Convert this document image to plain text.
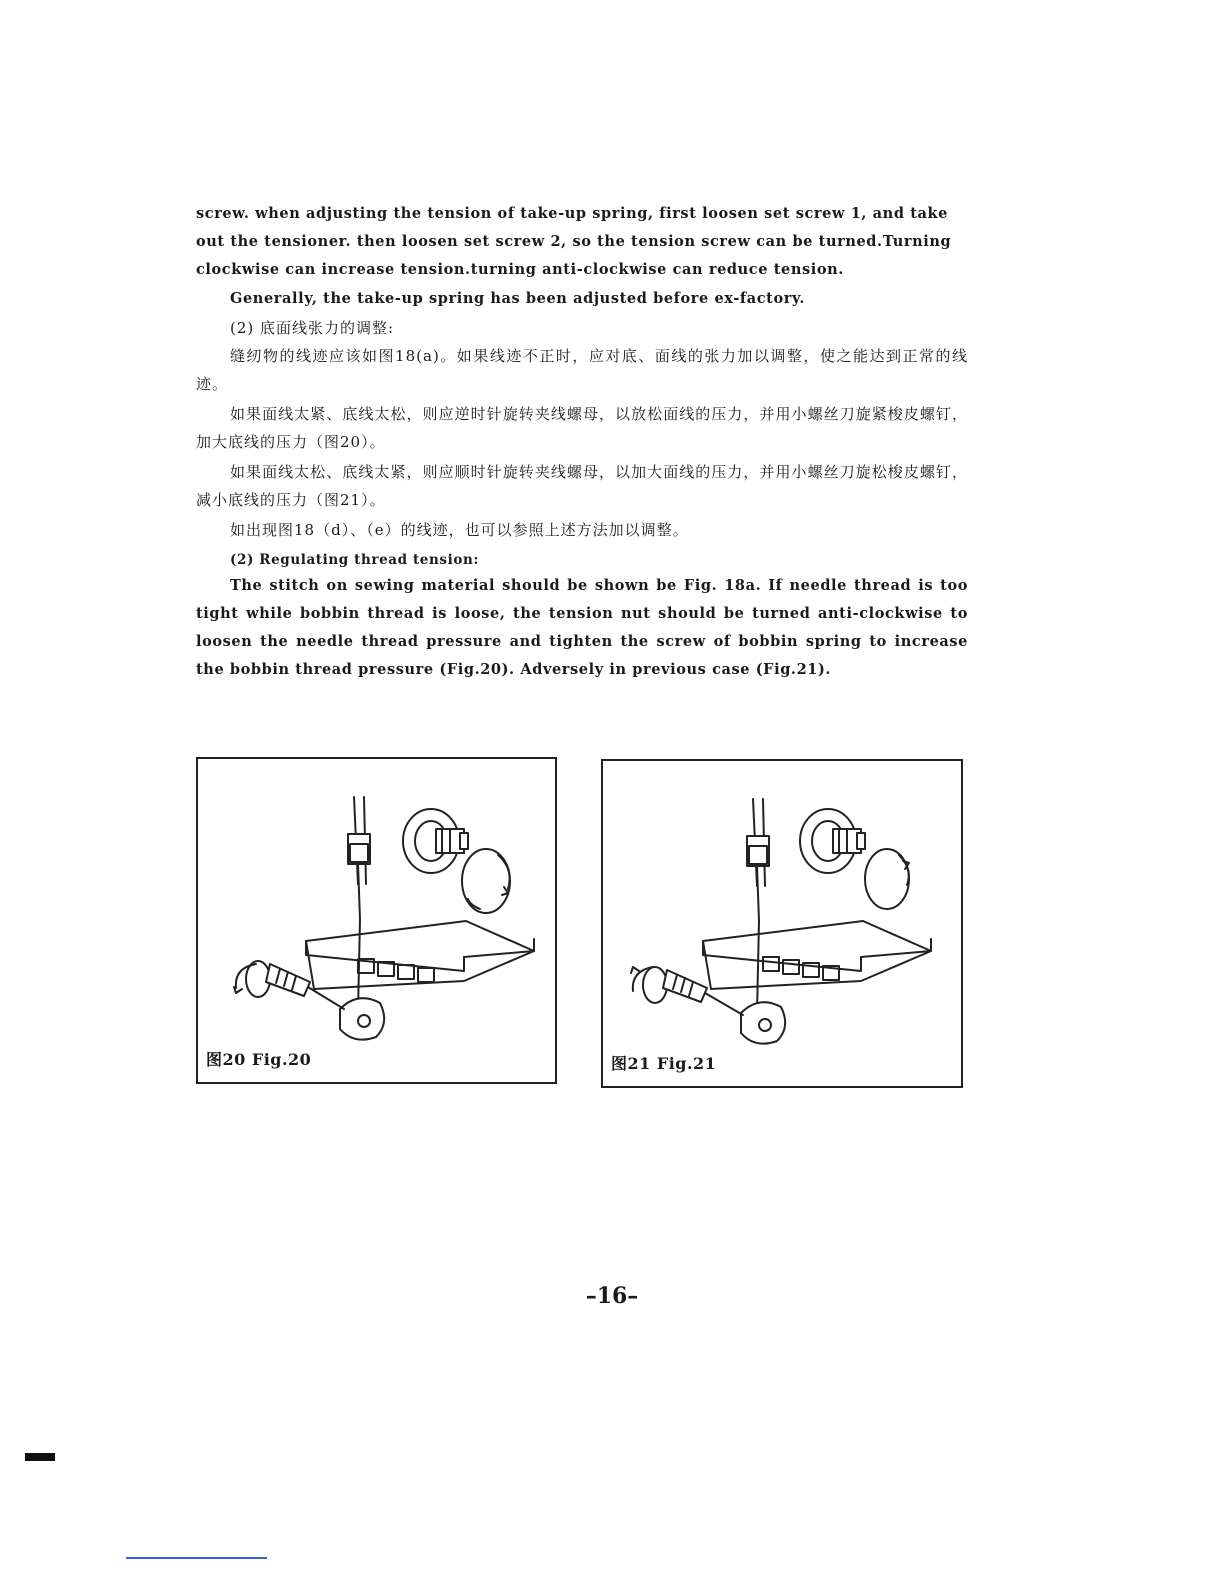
screw. when adjusting the tension of take-up spring, first loosen set screw 1, and take
out the tensioner. then loosen set screw 2, so the tension screw can be turned.Turning
clockwise can increase tension.turning anti-clockwise can reduce tension.

Generally, the take-up spring has been adjusted before ex-factory.

(2) 底面线张力的调整:

缝纫物的线迹应该如图18(a)。如果线迹不正时，应对底、面线的张力加以调整，使之能达到正常的线迹。

如果面线太紧、底线太松，则应逆时针旋转夹线螺母，以放松面线的压力，并用小螺丝刀旋紧梭皮螺钉，加大底线的压力（图20）。

如果面线太松、底线太紧，则应顺时针旋转夹线螺母，以加大面线的压力，并用小螺丝刀旋松梭皮螺钉，减小底线的压力（图21）。

如出现图18（d）、（e）的线迹，也可以参照上述方法加以调整。

(2) Regulating thread tension:

The stitch on sewing material should be shown be Fig. 18a. If needle thread is too tight while bobbin thread is loose, the tension nut should be turned anti-clockwise to loosen the needle thread pressure and tighten the screw of bobbin spring to increase the bobbin thread pressure (Fig.20). Adversely in previous case (Fig.21).

图20 Fig.20	图21 Fig.21
–16–
